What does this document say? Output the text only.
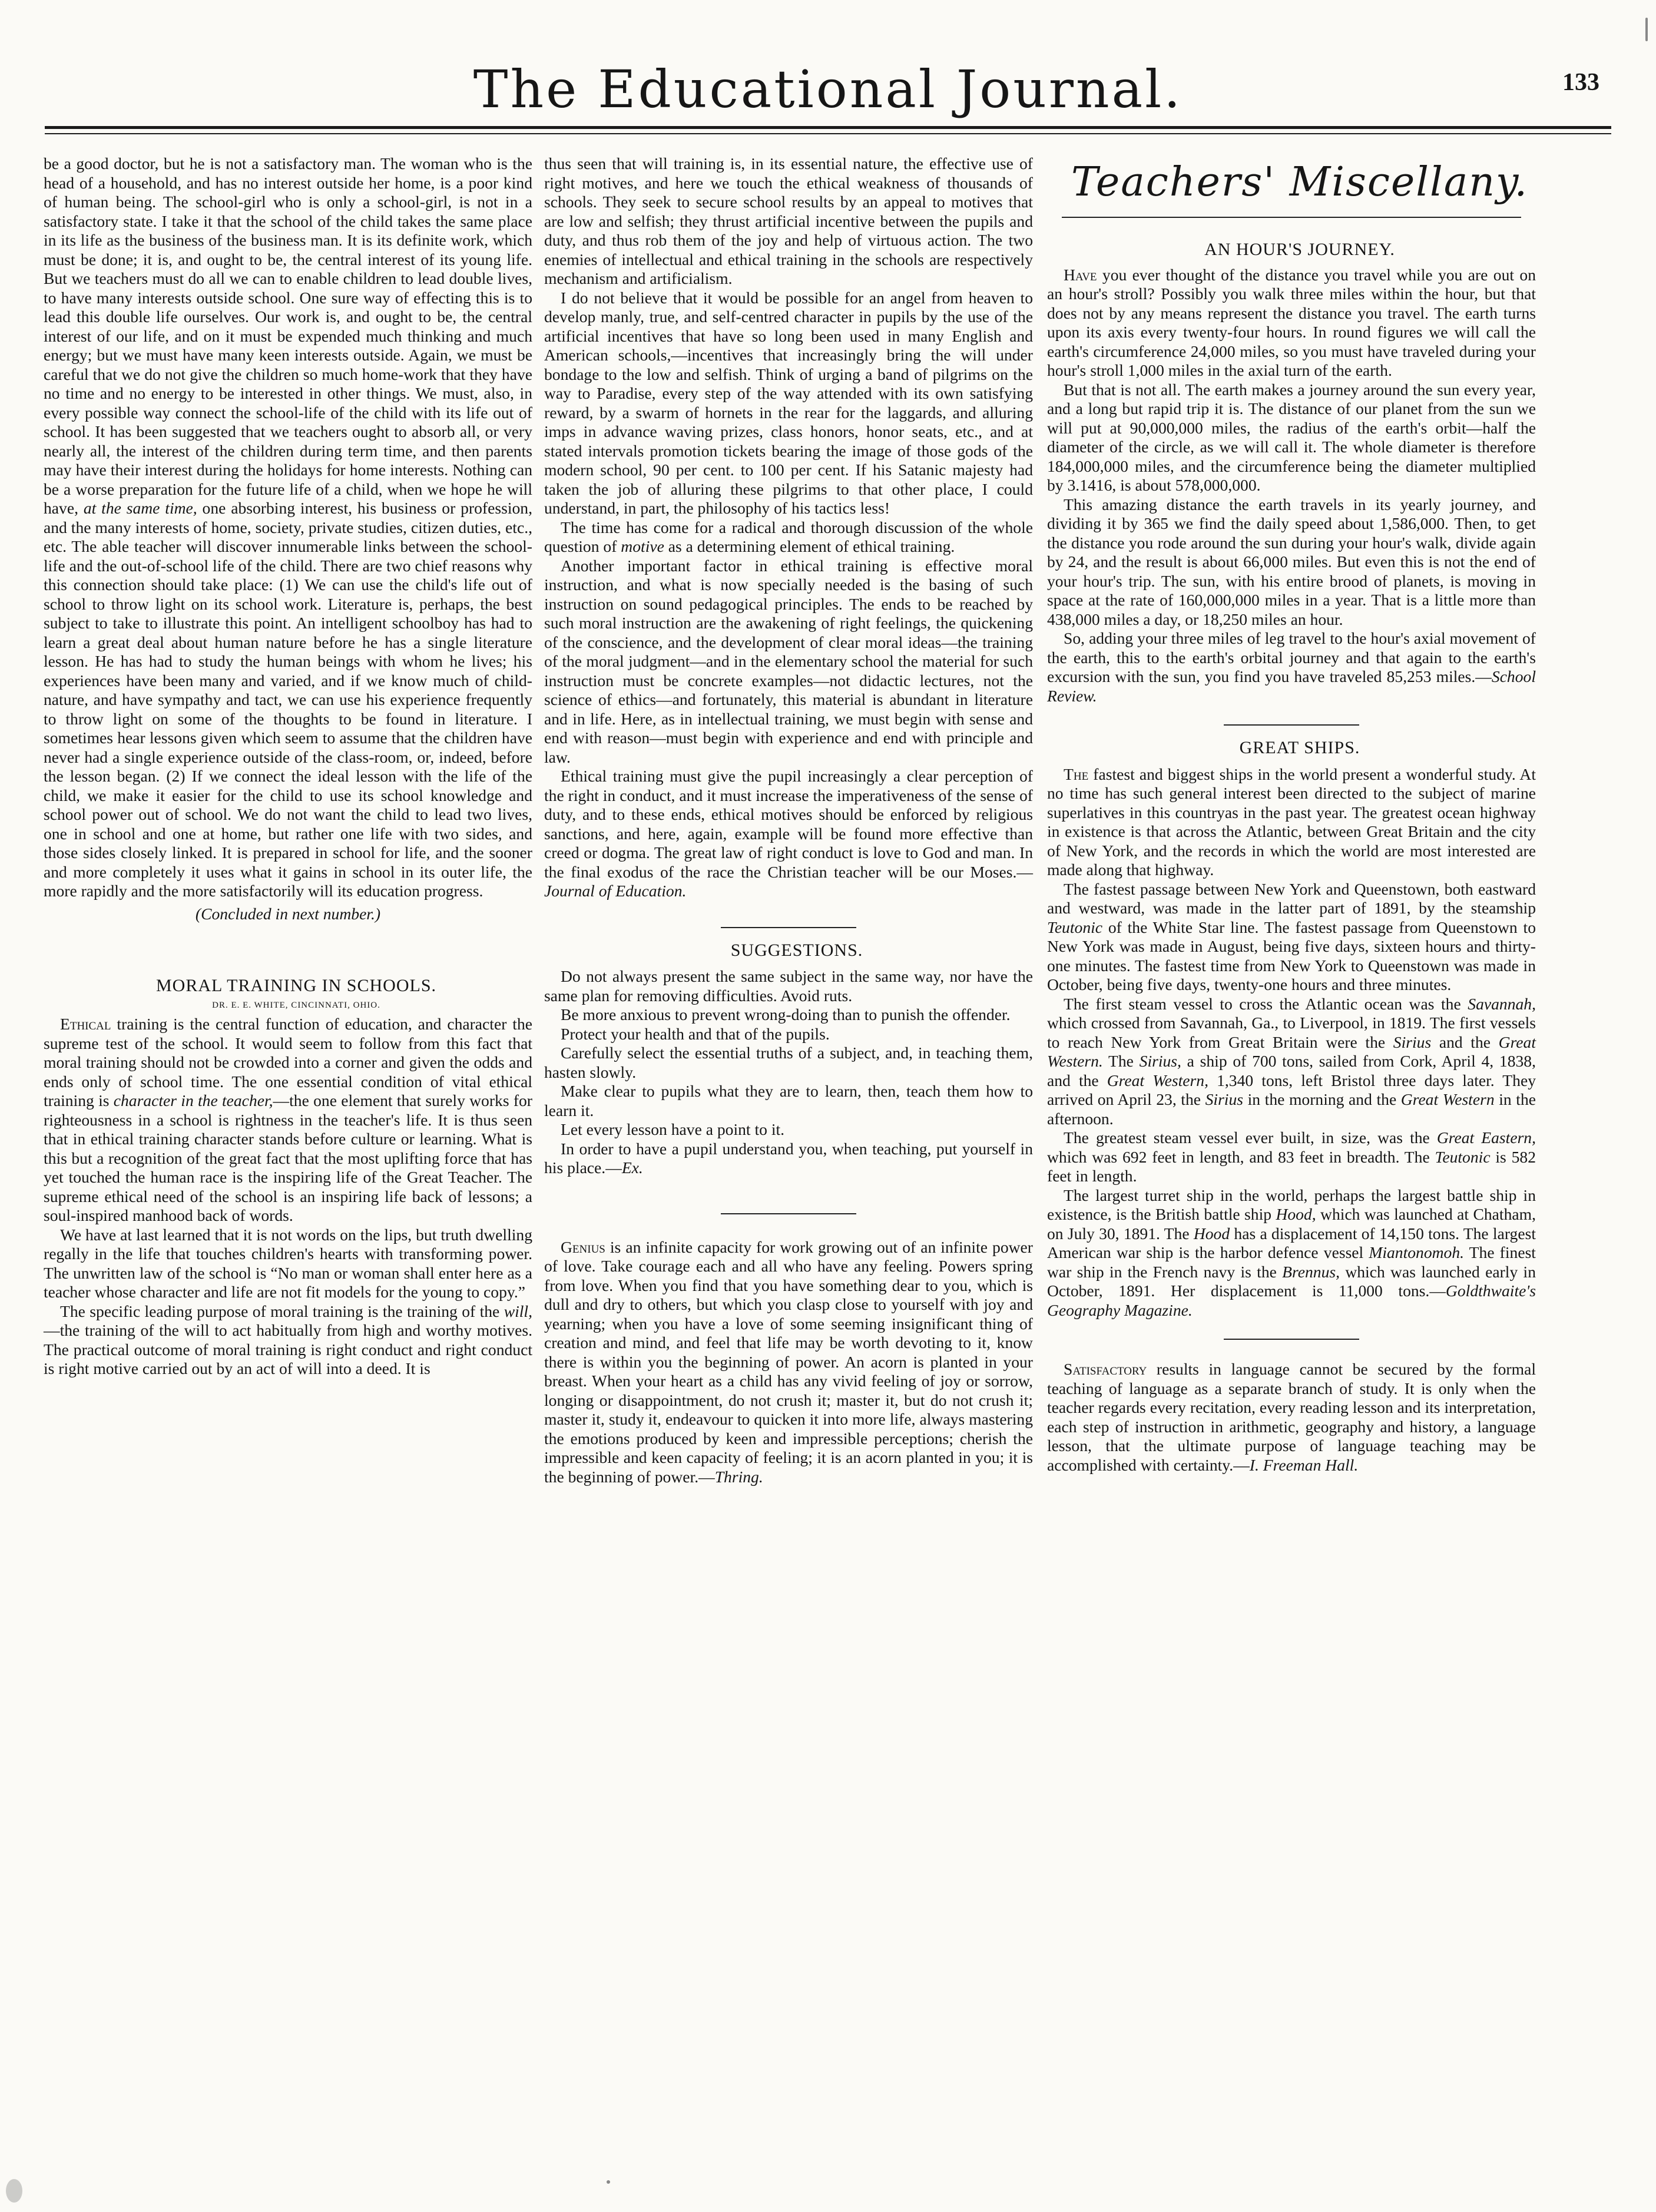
The Educational Journal.	133

be a good doctor, but he is not a satisfactory man. The woman who is the head of a household, and has no interest outside her home, is a poor kind of human being. The school-girl who is only a school-girl, is not in a satisfactory state. I take it that the school of the child takes the same place in its life as the business of the business man. It is its definite work, which must be done; it is, and ought to be, the central interest of its young life. But we teachers must do all we can to enable children to lead double lives, to have many interests outside school. One sure way of effecting this is to lead this double life ourselves. Our work is, and ought to be, the central interest of our life, and on it must be expended much thinking and much energy; but we must have many keen interests outside. Again, we must be careful that we do not give the children so much home-work that they have no time and no energy to be interested in other things. We must, also, in every possible way connect the school-life of the child with its life out of school. It has been suggested that we teachers ought to absorb all, or very nearly all, the interest of the children during term time, and then parents may have their interest during the holidays for home interests. Nothing can be a worse preparation for the future life of a child, when we hope he will have, at the same time, one absorbing interest, his business or profession, and the many interests of home, society, private studies, citizen duties, etc., etc. The able teacher will discover innumerable links between the school-life and the out-of-school life of the child. There are two chief reasons why this connection should take place: (1) We can use the child's life out of school to throw light on its school work. Literature is, perhaps, the best subject to take to illustrate this point. An intelligent schoolboy has had to learn a great deal about human nature before he has a single literature lesson. He has had to study the human beings with whom he lives; his experiences have been many and varied, and if we know much of child-nature, and have sympathy and tact, we can use his experience frequently to throw light on some of the thoughts to be found in literature. I sometimes hear lessons given which seem to assume that the children have never had a single experience outside of the class-room, or, indeed, before the lesson began. (2) If we connect the ideal lesson with the life of the child, we make it easier for the child to use its school knowledge and school power out of school. We do not want the child to lead two lives, one in school and one at home, but rather one life with two sides, and those sides closely linked. It is prepared in school for life, and the sooner and more completely it uses what it gains in school in its outer life, the more rapidly and the more satisfactorily will its education progress.

(Concluded in next number.)

MORAL TRAINING IN SCHOOLS.

DR. E. E. WHITE, CINCINNATI, OHIO.

Ethical training is the central function of education, and character the supreme test of the school. It would seem to follow from this fact that moral training should not be crowded into a corner and given the odds and ends only of school time. The one essential condition of vital ethical training is character in the teacher,—the one element that surely works for righteousness in a school is rightness in the teacher's life. It is thus seen that in ethical training character stands before culture or learning. What is this but a recognition of the great fact that the most uplifting force that has yet touched the human race is the inspiring life of the Great Teacher. The supreme ethical need of the school is an inspiring life back of lessons; a soul-inspired manhood back of words.

We have at last learned that it is not words on the lips, but truth dwelling regally in the life that touches children's hearts with transforming power. The unwritten law of the school is “No man or woman shall enter here as a teacher whose character and life are not fit models for the young to copy.”

The specific leading purpose of moral training is the training of the will,—the training of the will to act habitually from high and worthy motives. The practical outcome of moral training is right conduct and right conduct is right motive carried out by an act of will into a deed. It is

thus seen that will training is, in its essential nature, the effective use of right motives, and here we touch the ethical weakness of thousands of schools. They seek to secure school results by an appeal to motives that are low and selfish; they thrust artificial incentive between the pupils and duty, and thus rob them of the joy and help of virtuous action. The two enemies of intellectual and ethical training in the schools are respectively mechanism and artificialism.

I do not believe that it would be possible for an angel from heaven to develop manly, true, and self-centred character in pupils by the use of the artificial incentives that have so long been used in many English and American schools,—incentives that increasingly bring the will under bondage to the low and selfish. Think of urging a band of pilgrims on the way to Paradise, every step of the way attended with its own satisfying reward, by a swarm of hornets in the rear for the laggards, and alluring imps in advance waving prizes, class honors, honor seats, etc., and at stated intervals promotion tickets bearing the image of those gods of the modern school, 90 per cent. to 100 per cent. If his Satanic majesty had taken the job of alluring these pilgrims to that other place, I could understand, in part, the philosophy of his tactics less!

The time has come for a radical and thorough discussion of the whole question of motive as a determining element of ethical training.

Another important factor in ethical training is effective moral instruction, and what is now specially needed is the basing of such instruction on sound pedagogical principles. The ends to be reached by such moral instruction are the awakening of right feelings, the quickening of the conscience, and the development of clear moral ideas—the training of the moral judgment—and in the elementary school the material for such instruction must be concrete examples—not didactic lectures, not the science of ethics—and fortunately, this material is abundant in literature and in life. Here, as in intellectual training, we must begin with sense and end with reason—must begin with experience and end with principle and law.

Ethical training must give the pupil increasingly a clear perception of the right in conduct, and it must increase the imperativeness of the sense of duty, and to these ends, ethical motives should be enforced by religious sanctions, and here, again, example will be found more effective than creed or dogma. The great law of right conduct is love to God and man. In the final exodus of the race the Christian teacher will be our Moses.—Journal of Education.

SUGGESTIONS.

Do not always present the same subject in the same way, nor have the same plan for removing difficulties. Avoid ruts.

Be more anxious to prevent wrong-doing than to punish the offender.

Protect your health and that of the pupils.

Carefully select the essential truths of a subject, and, in teaching them, hasten slowly.

Make clear to pupils what they are to learn, then, teach them how to learn it.

Let every lesson have a point to it.

In order to have a pupil understand you, when teaching, put yourself in his place.—Ex.

Genius is an infinite capacity for work growing out of an infinite power of love. Take courage each and all who have any feeling. Powers spring from love. When you find that you have something dear to you, which is dull and dry to others, but which you clasp close to yourself with joy and yearning; when you have a love of some seeming insignificant thing of creation and mind, and feel that life may be worth devoting to it, know there is within you the beginning of power. An acorn is planted in your breast. When your heart as a child has any vivid feeling of joy or sorrow, longing or disappointment, do not crush it; master it, but do not crush it; master it, study it, endeavour to quicken it into more life, always mastering the emotions produced by keen and impressible perceptions; cherish the impressible and keen capacity of feeling; it is an acorn planted in you; it is the beginning of power.—Thring.

Teachers' Miscellany.

AN HOUR'S JOURNEY.

Have you ever thought of the distance you travel while you are out on an hour's stroll? Possibly you walk three miles within the hour, but that does not by any means represent the distance you travel. The earth turns upon its axis every twenty-four hours. In round figures we will call the earth's circumference 24,000 miles, so you must have traveled during your hour's stroll 1,000 miles in the axial turn of the earth.

But that is not all. The earth makes a journey around the sun every year, and a long but rapid trip it is. The distance of our planet from the sun we will put at 90,000,000 miles, the radius of the earth's orbit—half the diameter of the circle, as we will call it. The whole diameter is therefore 184,000,000 miles, and the circumference being the diameter multiplied by 3.1416, is about 578,000,000.

This amazing distance the earth travels in its yearly journey, and dividing it by 365 we find the daily speed about 1,586,000. Then, to get the distance you rode around the sun during your hour's walk, divide again by 24, and the result is about 66,000 miles. But even this is not the end of your hour's trip. The sun, with his entire brood of planets, is moving in space at the rate of 160,000,000 miles in a year. That is a little more than 438,000 miles a day, or 18,250 miles an hour.

So, adding your three miles of leg travel to the hour's axial movement of the earth, this to the earth's orbital journey and that again to the earth's excursion with the sun, you find you have traveled 85,253 miles.—School Review.

GREAT SHIPS.

The fastest and biggest ships in the world present a wonderful study. At no time has such general interest been directed to the subject of marine superlatives in this countryas in the past year. The greatest ocean highway in existence is that across the Atlantic, between Great Britain and the city of New York, and the records in which the world are most interested are made along that highway.

The fastest passage between New York and Queenstown, both eastward and westward, was made in the latter part of 1891, by the steamship Teutonic of the White Star line. The fastest passage from Queenstown to New York was made in August, being five days, sixteen hours and thirty-one minutes. The fastest time from New York to Queenstown was made in October, being five days, twenty-one hours and three minutes.

The first steam vessel to cross the Atlantic ocean was the Savannah, which crossed from Savannah, Ga., to Liverpool, in 1819. The first vessels to reach New York from Great Britain were the Sirius and the Great Western. The Sirius, a ship of 700 tons, sailed from Cork, April 4, 1838, and the Great Western, 1,340 tons, left Bristol three days later. They arrived on April 23, the Sirius in the morning and the Great Western in the afternoon.

The greatest steam vessel ever built, in size, was the Great Eastern, which was 692 feet in length, and 83 feet in breadth. The Teutonic is 582 feet in length.

The largest turret ship in the world, perhaps the largest battle ship in existence, is the British battle ship Hood, which was launched at Chatham, on July 30, 1891. The Hood has a displacement of 14,150 tons. The largest American war ship is the harbor defence vessel Miantonomoh. The finest war ship in the French navy is the Brennus, which was launched early in October, 1891. Her displacement is 11,000 tons.—Goldthwaite's Geography Magazine.

Satisfactory results in language cannot be secured by the formal teaching of language as a separate branch of study. It is only when the teacher regards every recitation, every reading lesson and its interpretation, each step of instruction in arithmetic, geography and history, a language lesson, that the ultimate purpose of language teaching may be accomplished with certainty.—I. Freeman Hall.
